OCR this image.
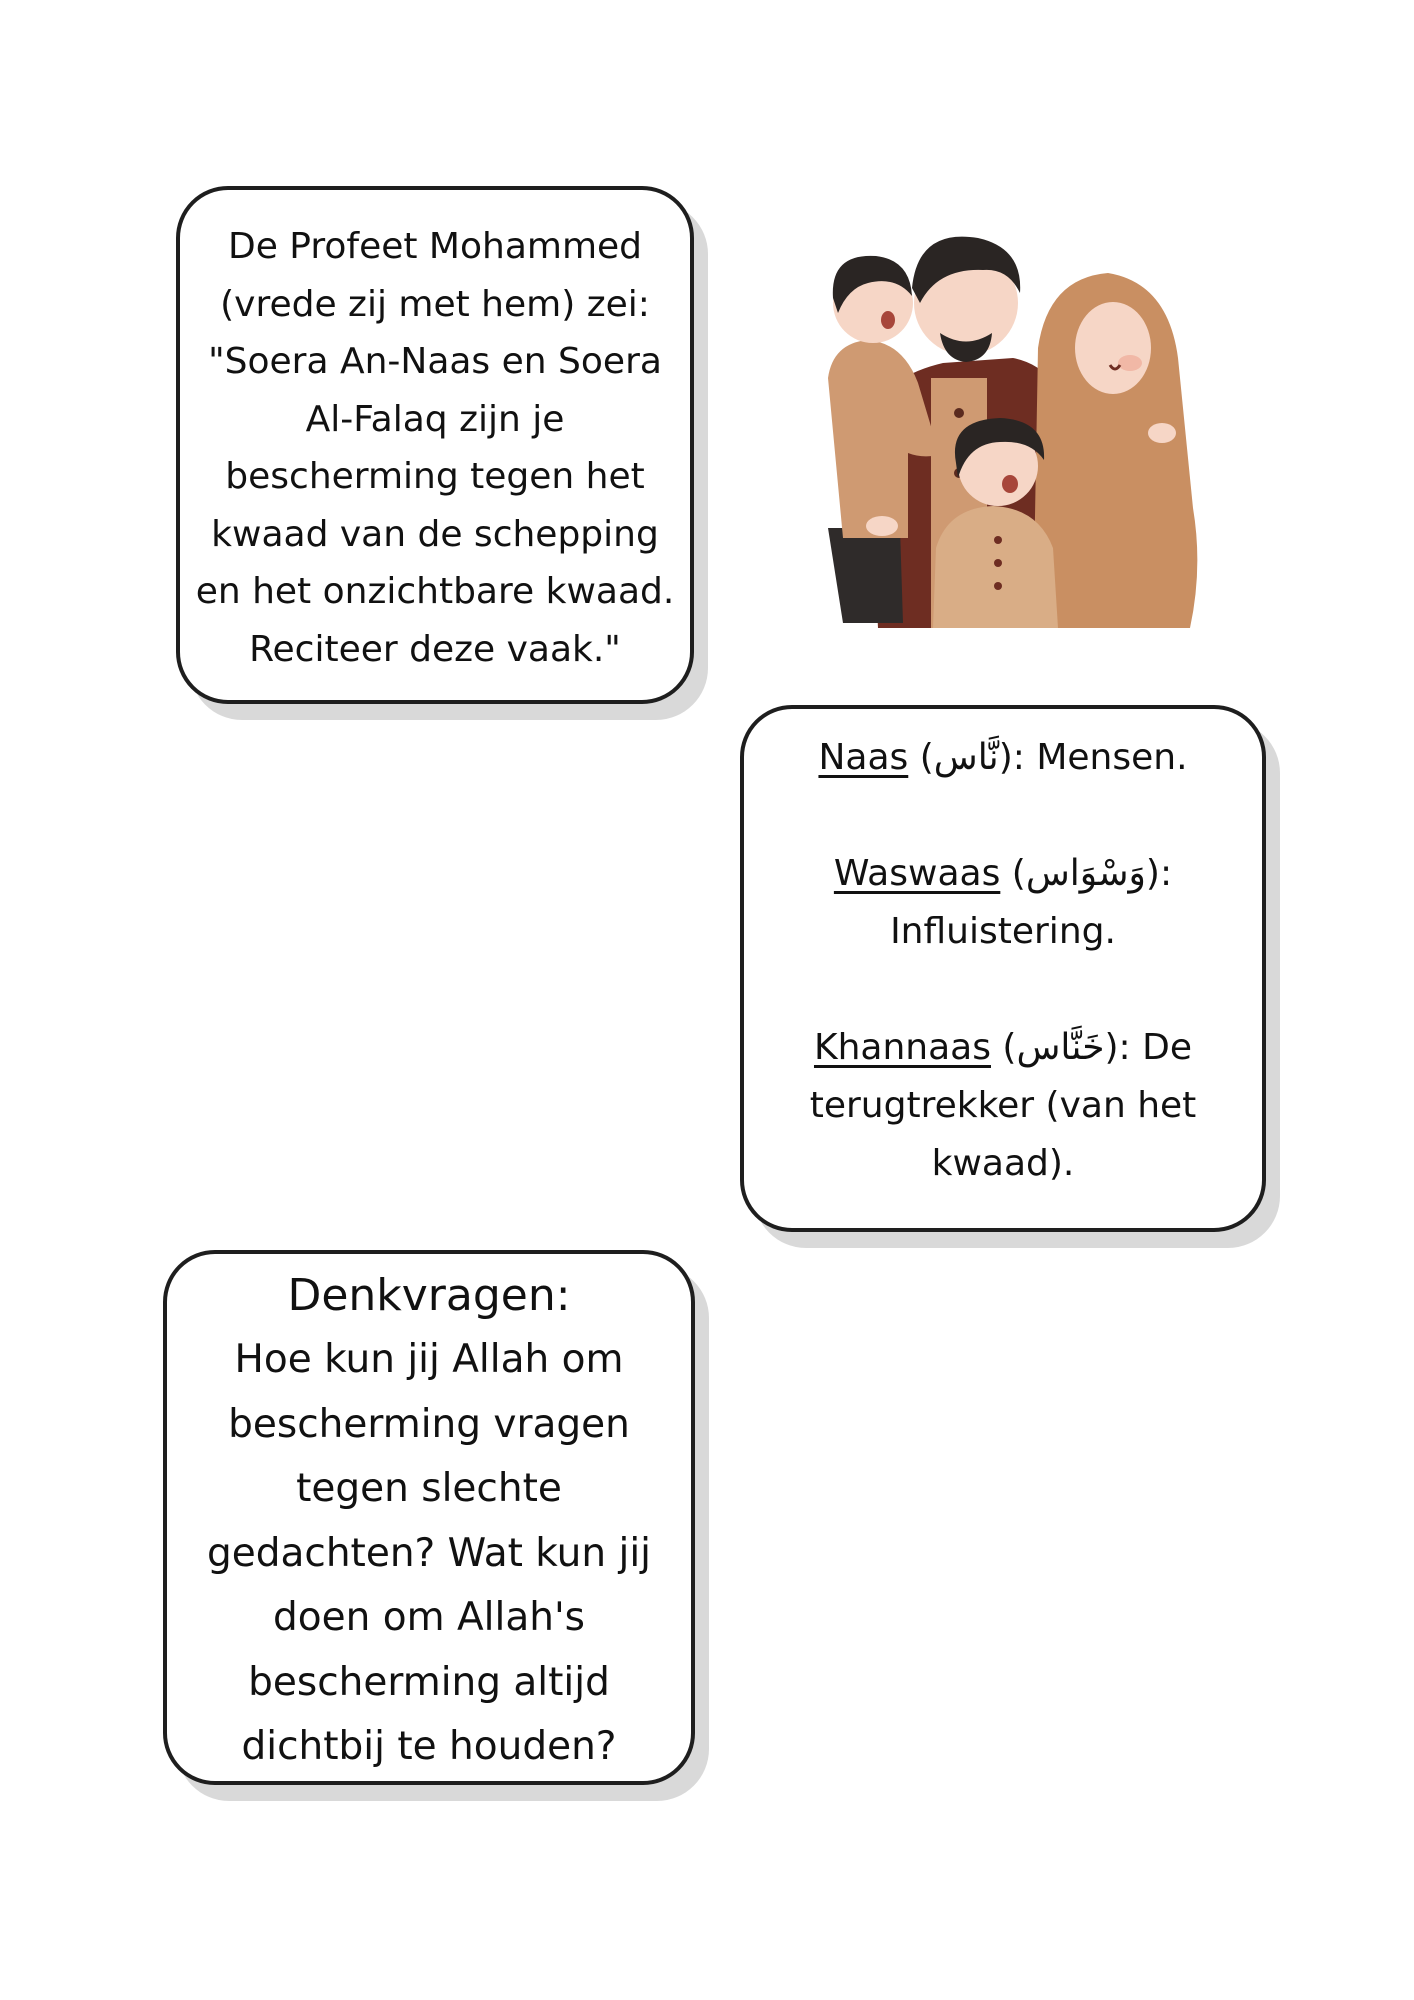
De Profeet Mohammed

(vrede zij met hem) zei:

"Soera An-Naas en Soera

Al-Falaq zijn je

bescherming tegen het

kwaad van de schepping

en het onzichtbare kwaad.

Reciteer deze vaak."

Naas (نَّاس): Mensen.

Waswaas (وَسْوَاس):
Influistering.

Khannaas (خَنَّاس): De
terugtrekker (van het
kwaad).

Denkvragen:

Hoe kun jij Allah om

bescherming vragen

tegen slechte

gedachten? Wat kun jij

doen om Allah's

bescherming altijd

dichtbij te houden?
